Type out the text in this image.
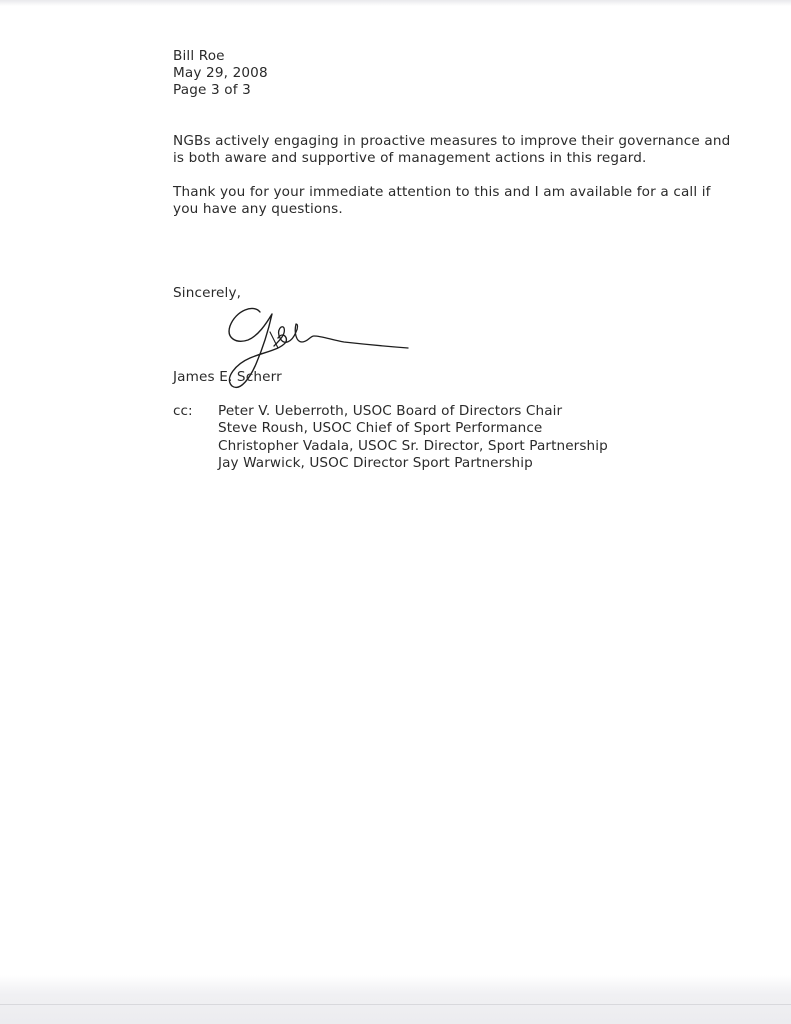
Bill Roe
May 29, 2008
Page 3 of 3

NGBs actively engaging in proactive measures to improve their governance and is both aware and supportive of management actions in this regard.

Thank you for your immediate attention to this and I am available for a call if you have any questions.

Sincerely,
James E. Scherr
cc: Peter V. Ueberroth, USOC Board of Directors Chair
Steve Roush, USOC Chief of Sport Performance
Christopher Vadala, USOC Sr. Director, Sport Partnership
Jay Warwick, USOC Director Sport Partnership
